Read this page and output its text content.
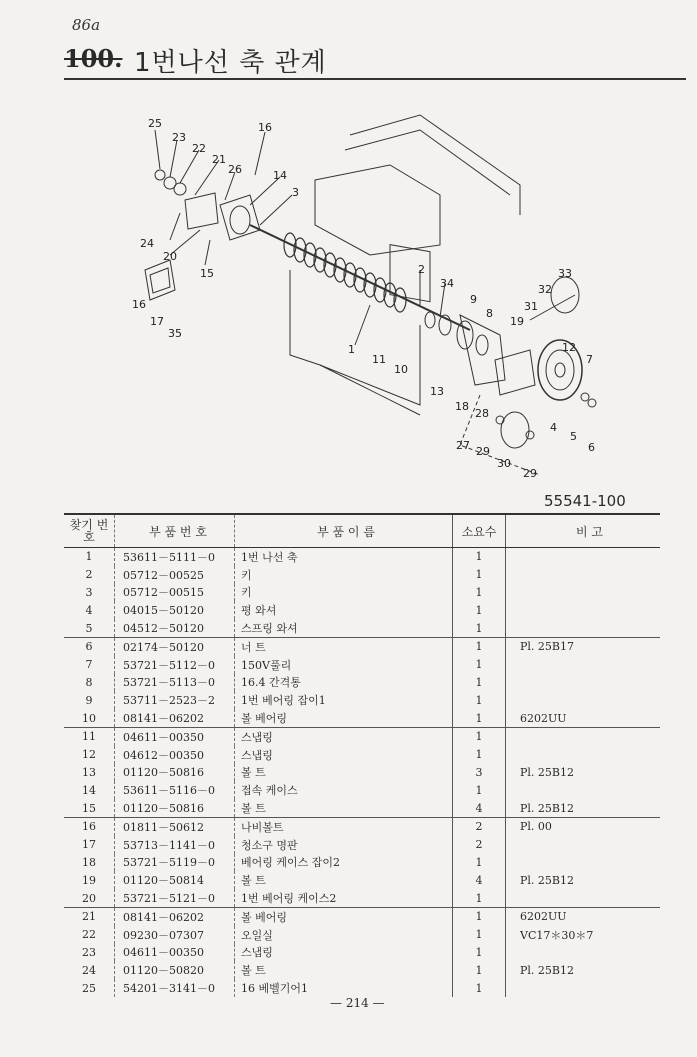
86a
100. 1번나선 축 관계
25
23
22
21
26
16
14
3
24
20
15
16
17
35
1
2
34
9
8
11
10
13
18
19
28
27 29
30
29
33
32
31
12
7
4
5
6
55541-100
찾기 번호	부 품 번 호	부 품 이 름	소요수	비 고
1	53611－5111－0	1번 나선 축	1	
2	05712－00525	키	1	
3	05712－00515	키	1	
4	04015－50120	평 와셔	1	
5	04512－50120	스프링 와셔	1	
6	02174－50120	너 트	1	Pl. 25B17
7	53721－5112－0	150V풀리	1	
8	53721－5113－0	16.4 간격통	1	
9	53711－2523－2	1번 베어링 잡이1	1	
10	08141－06202	볼 베어링	1	6202UU
11	04611－00350	스냅링	1	
12	04612－00350	스냅링	1	
13	01120－50816	볼 트	3	Pl. 25B12
14	53611－5116－0	접속 케이스	1	
15	01120－50816	볼 트	4	Pl. 25B12
16	01811－50612	나비볼트	2	Pl. 00
17	53713－1141－0	청소구 명판	2	
18	53721－5119－0	베어링 케이스 잡이2	1	
19	01120－50814	볼 트	4	Pl. 25B12
20	53721－5121－0	1번 베어링 케이스2	1	
21	08141－06202	볼 베어링	1	6202UU
22	09230－07307	오일실	1	VC17＊30＊7
23	04611－00350	스냅링	1	
24	01120－50820	볼 트	1	Pl. 25B12
25	54201－3141－0	16 베벨기어1	1	
— 214 —
